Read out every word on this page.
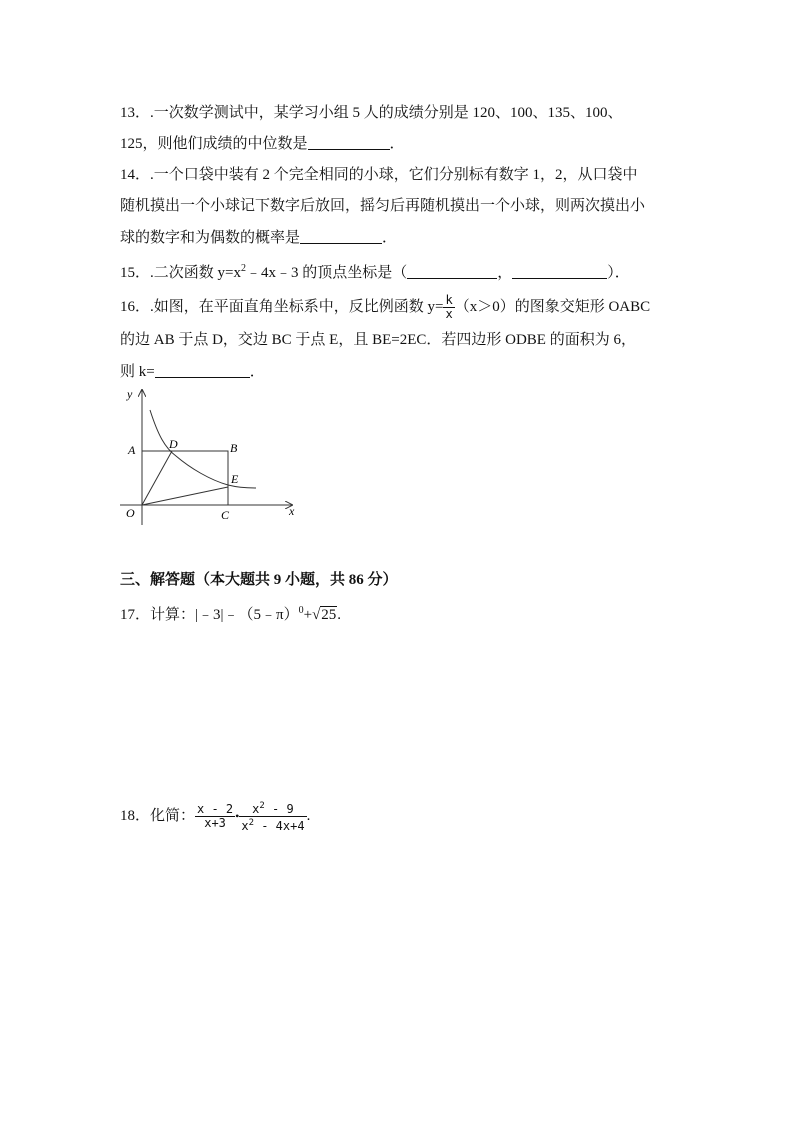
13．.一次数学测试中，某学习小组 5 人的成绩分别是 120、100、135、100、
125，则他们成绩的中位数是	．
14．.一个口袋中装有 2 个完全相同的小球，它们分别标有数字 1，2，从口袋中
随机摸出一个小球记下数字后放回，摇匀后再随机摸出一个小球，则两次摸出小
球的数字和为偶数的概率是	．
15．.二次函数 $y=x^2﹣4x﹣3$ 的顶点坐标是（	，	）．
16．.如图，在平面直角坐标系中，反比例函数 $y= \frac{k}{x} (x>0)$的图象交矩形 OABC
的边 AB 于点 D，交边 BC 于点 E，且 BE=2EC．若四边形 ODBE 的面积为 6，
则 k=	．
y
x
A	D	B
E
O	C
三、解答题（本大题共 9 小题，共 86 分）
17．计算：|﹣3|﹣（5﹣π）$^0$+√25.
18．化简： $\frac{x - 2}{x+3}$ • $\frac{x^2 - 9}{x^2 - 4x+4}$ .
